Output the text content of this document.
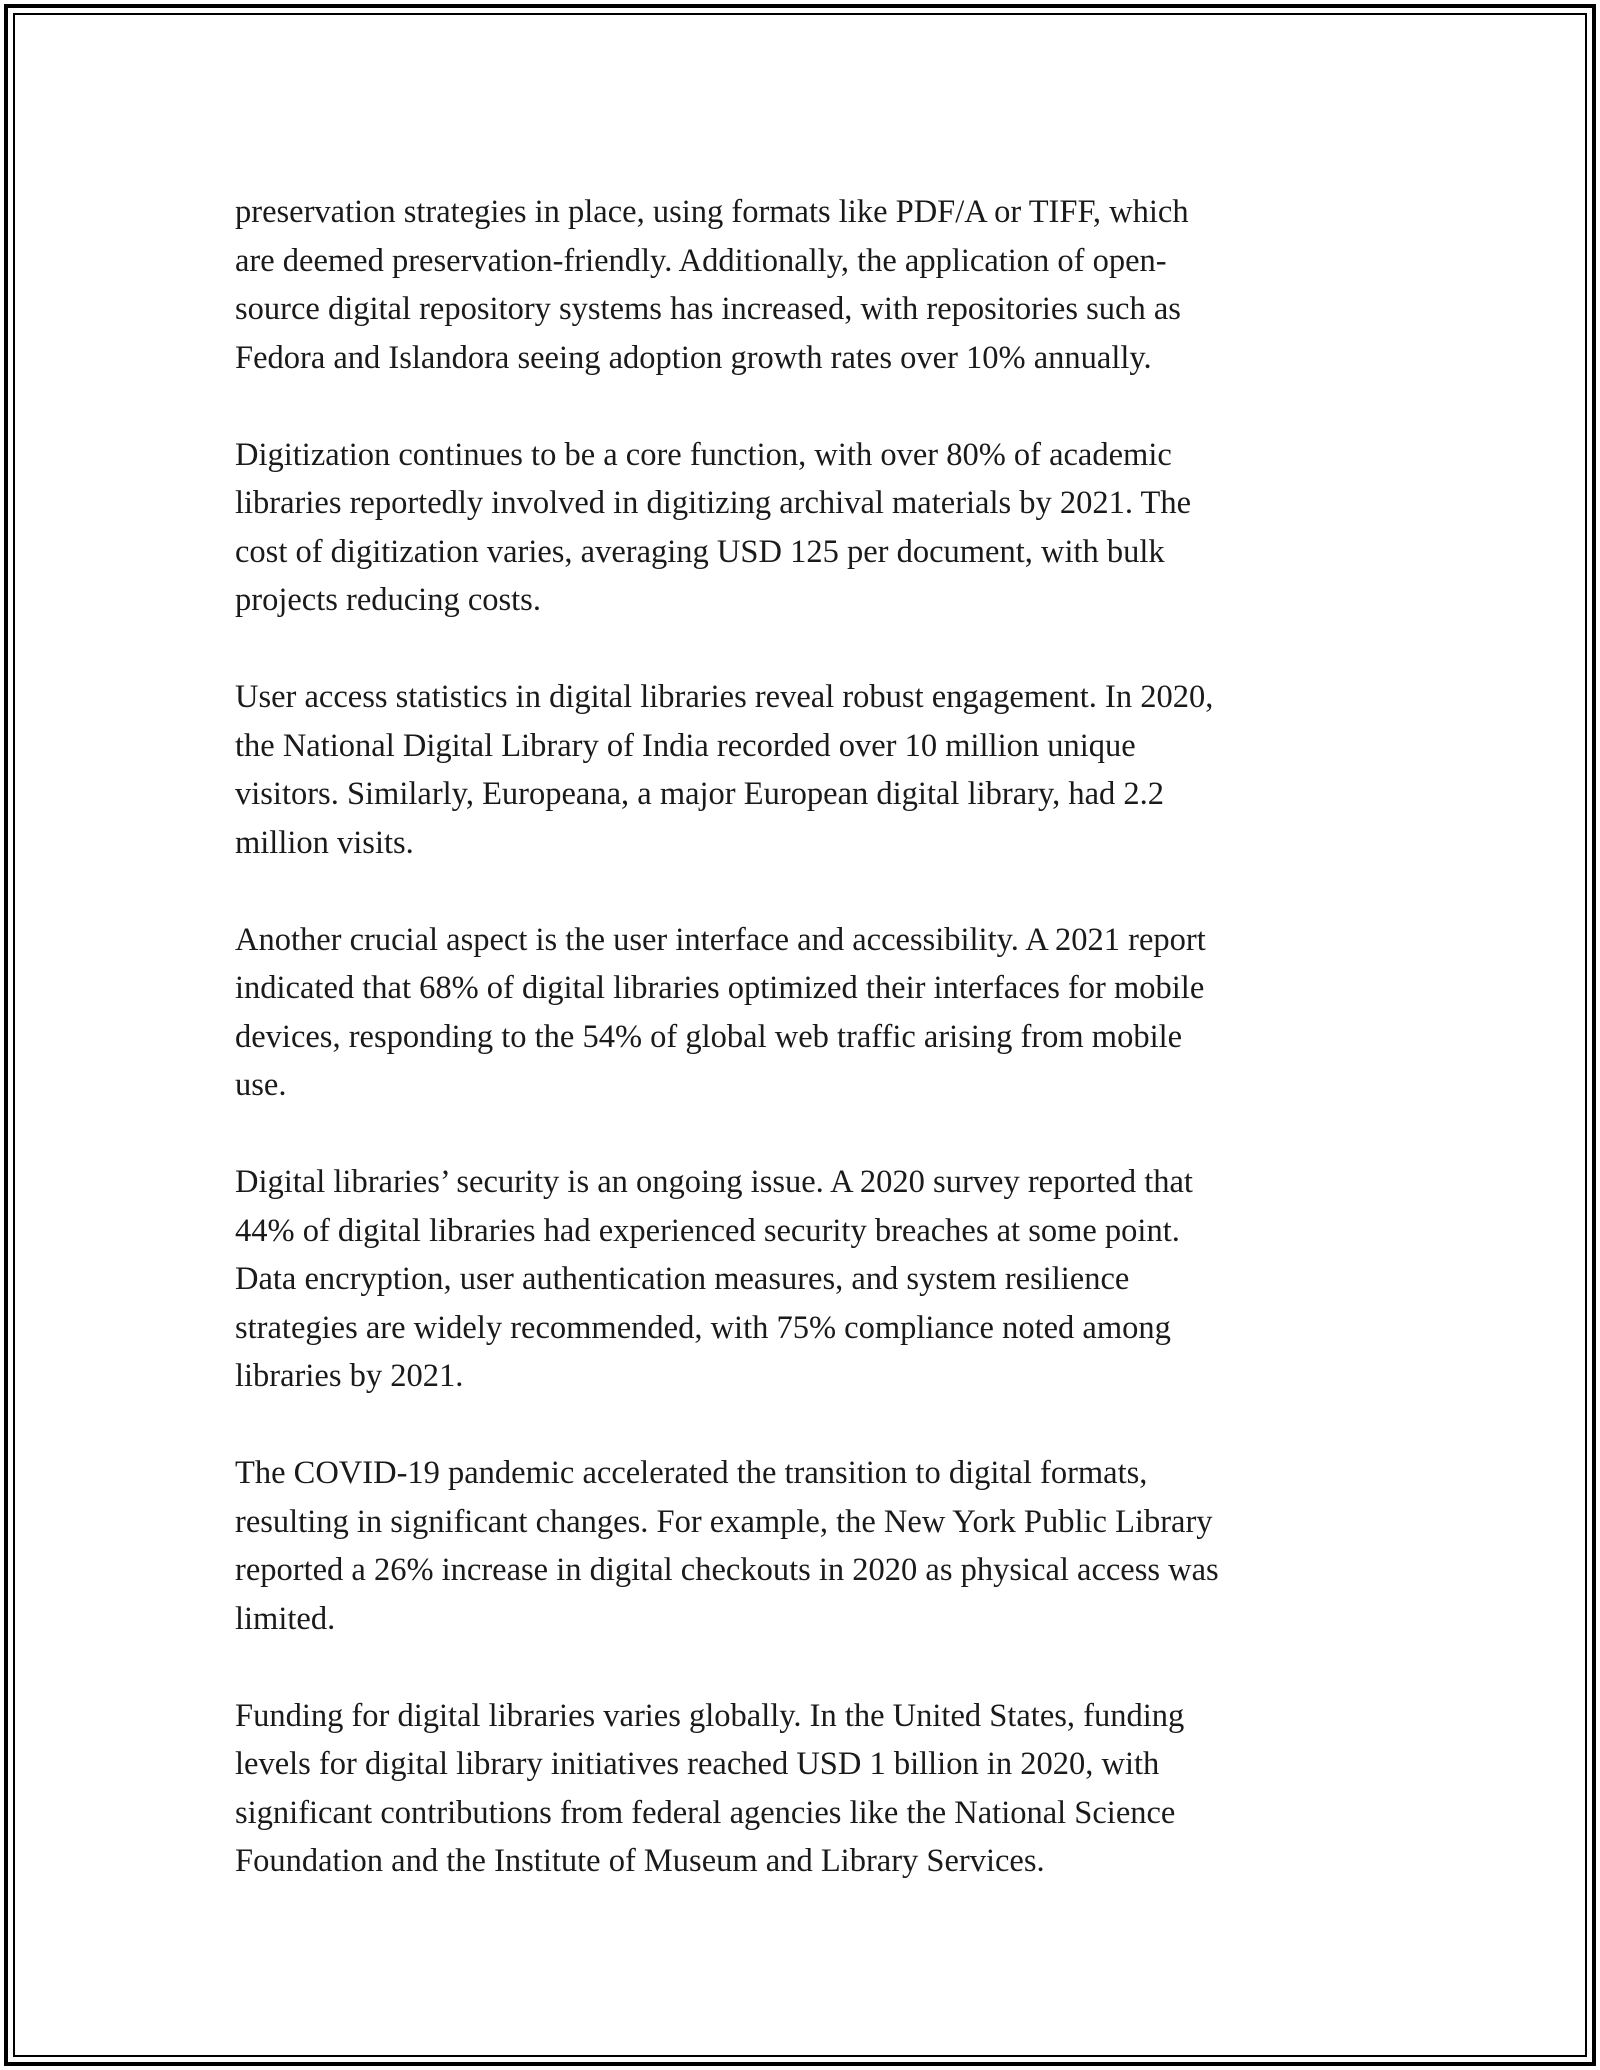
preservation strategies in place, using formats like PDF/A or TIFF, which
are deemed preservation-friendly. Additionally, the application of open-
source digital repository systems has increased, with repositories such as
Fedora and Islandora seeing adoption growth rates over 10% annually.

Digitization continues to be a core function, with over 80% of academic
libraries reportedly involved in digitizing archival materials by 2021. The
cost of digitization varies, averaging USD 125 per document, with bulk
projects reducing costs.

User access statistics in digital libraries reveal robust engagement. In 2020,
the National Digital Library of India recorded over 10 million unique
visitors. Similarly, Europeana, a major European digital library, had 2.2
million visits.

Another crucial aspect is the user interface and accessibility. A 2021 report
indicated that 68% of digital libraries optimized their interfaces for mobile
devices, responding to the 54% of global web traffic arising from mobile
use.

Digital libraries’ security is an ongoing issue. A 2020 survey reported that
44% of digital libraries had experienced security breaches at some point.
Data encryption, user authentication measures, and system resilience
strategies are widely recommended, with 75% compliance noted among
libraries by 2021.

The COVID-19 pandemic accelerated the transition to digital formats,
resulting in significant changes. For example, the New York Public Library
reported a 26% increase in digital checkouts in 2020 as physical access was
limited.

Funding for digital libraries varies globally. In the United States, funding
levels for digital library initiatives reached USD 1 billion in 2020, with
significant contributions from federal agencies like the National Science
Foundation and the Institute of Museum and Library Services.
